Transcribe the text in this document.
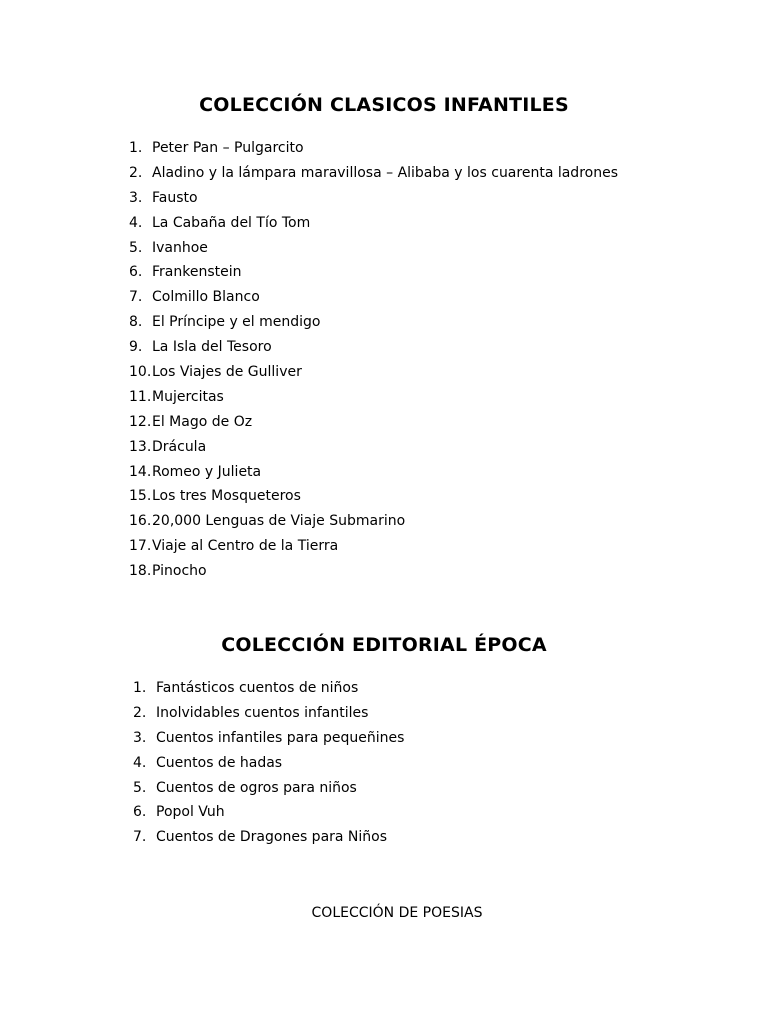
COLECCIÓN CLASICOS INFANTILES
1. Peter Pan – Pulgarcito
2. Aladino y la lámpara maravillosa – Alibaba y los cuarenta ladrones
3. Fausto
4. La Cabaña del Tío Tom
5. Ivanhoe
6. Frankenstein
7. Colmillo Blanco
8. El Príncipe y el mendigo
9. La Isla del Tesoro
10. Los Viajes de Gulliver
11. Mujercitas
12. El Mago de Oz
13. Drácula
14. Romeo y Julieta
15. Los tres Mosqueteros
16. 20,000 Lenguas de Viaje Submarino
17. Viaje al Centro de la Tierra
18. Pinocho
COLECCIÓN EDITORIAL ÉPOCA
1. Fantásticos cuentos de niños
2. Inolvidables cuentos infantiles
3. Cuentos infantiles para pequeñines
4. Cuentos de hadas
5. Cuentos de ogros para niños
6. Popol Vuh
7. Cuentos de Dragones para Niños
COLECCIÓN DE POESIAS
